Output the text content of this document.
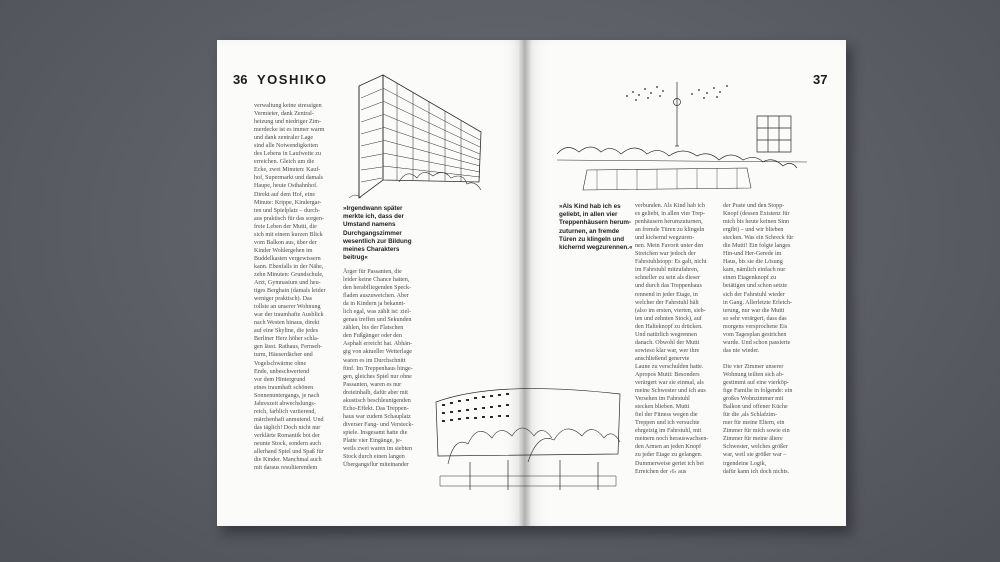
36 YOSHIKO
verwaltung keine stressigen
Vermieter, dank Zentral-
heizung und niedriger Zim-
merdecke ist es immer warm
und dank zentraler Lage
sind alle Notwendigkeiten
des Lebens in Laufweite zu
erreichen. Gleich um die
Ecke, zwei Minuten: Kauf-
hof, Supermarkt und damals
Haupe, heute Osthahnhof.
Direkt auf dem Hof, eine
Minute: Krippe, Kindergar-
ten und Spielplatz – durch-
aus praktisch für das sorgen-
freie Leben der Mutti, die
sich mit einem kurzen Blick
vom Balkon aus, über der
Kinder Wohlergehen im
Buddelkasten vergewissern
kann. Ebenfalls in der Nähe,
zehn Minuten: Grundschule,
Arzt, Gymnasium und heu-
tiges Berghain (damals leider
weniger praktisch). Das
tollste an unserer Wohnung
war der traumhafte Ausblick
nach Westen hinaus, direkt
auf eine Skyline, die jedes
Berliner Herz höher schla-
gen lässt. Rathaus, Fernseh-
turm, Häuserdächer und
Vogelschwärme ohne
Ende, unbeschwertend
vor dem Hintergrund
eines traumhaft schönen
Sonnenuntergangs, je nach
Jahreszeit abwechslungs-
reich, farblich variierend,
märchenhaft anmutend. Und
das täglich! Doch nicht nur
verklärte Romantik bot der
neunte Stock, sondern auch
allerhand Spiel und Spaß für
die Kinder. Manchmal auch
mit daraus resultierendem
»Irgendwann später
merkte ich, dass der
Umstand namens
Durchgangszimmer
wesentlich zur Bildung
meines Charakters
beitrug«
Ärger für Passanten, die
leider keine Chance hatten,
den herabfliegenden Speck-
fladen auszuweichen. Aber
da in Kindern ja bekannt-
lich egal, was zählt ist: ziel-
genau treffen und Sekunden
zählen, bis der Flatschen
den Fußgänger oder den
Asphalt erreicht hat. Abhän-
gig von aktueller Wetterlage
waren es im Durchschnitt
fünf. Im Treppenhaus hinge-
gen, gleiches Spiel nur ohne
Passanten, waren es nur
dreieinhalb, dafür aber mit
akustisch beschleunigenden
Echo-Effekt. Das Treppen-
haus war zudem Schauplatz
diverser Fang- und Versteck-
spiele. Insgesamt hatte die
Platte vier Eingänge, je-
weils zwei waren im siebten
Stock durch einen langen
Übergangsflur miteinander
37
»Als Kind hab ich es
geliebt, in allen vier
Treppenhäusern herum-
zuturnen, an fremde
Türen zu klingeln und
kichernd wegzurennen.«
verbunden. Als Kind hab ich
es geliebt, in allen vier Trep-
penhäusern herumzuturnen,
an fremde Türen zu klingeln
und kichernd wegzuren-
nen. Mein Favorit unter den
Streichen war jedoch der
Fahrstuhlstopp: Es galt, nicht
im Fahrstuhl mitzufahren,
schneller zu sein als dieser
und durch das Treppenhaus
rennend in jeder Etage, in
welcher der Fahrstuhl hält
(also im ersten, vierten, sieb-
ten und zehnten Stock), auf
den Halteknopf zu drücken.
Und natürlich wegrennen
danach. Obwohl der Mutti
sowieso klar war, wer ihre
anschließend genervte
Laune zu verschulden hatte.
Apropos Mutti: Besonders
verärgert war sie einmal, als
meine Schwester und ich aus
Versehen im Fahrstuhl
stecken blieben. Mutti
fiel der Fitness wegen die
Treppen und ich versuchte
ehrgeizig im Fahrstuhl, mit
meinem noch herauswachsen-
den Armen an jeden Knopf
zu jeder Etage zu gelangen.
Dummerweise geriet ich bei
Erreichen der ›6‹ aus
der Puste und den Stopp-
Knopf (dessen Existenz für
mich bis heute keinen Sinn
ergibt) – und wir blieben
stecken. Was ein Schreck für
die Mutti! Ein folgte langes
Hin-und Her-Gerede im
Haus, bis sie die Lösung
kam, nämlich einfach nur
einen Etagenknopf zu
betätigen und schon setzte
sich der Fahrstuhl wieder
in Gang. Allerletzte Erleich-
terung, nur war die Mutti
so sehr verärgert, dass das
morgens versprochene Eis
vom Tagesplan gestrichen
wurde. Und schon passierte
das nie wieder.

Die vier Zimmer unserer
Wohnung teilten sich ab-
gestimmt auf eine vierköp-
fige Familie in folgende: ein
großes Wohnzimmer mit
Balkon und offener Küche
für die ,als Schlafzim-
mer für meine Eltern, ein
Zimmer für mich sowie ein
Zimmer für meine ältere
Schwester, welches größer
war, weil sie größer war –
irgendeine Logik,
dafür kann ich doch nichts.
